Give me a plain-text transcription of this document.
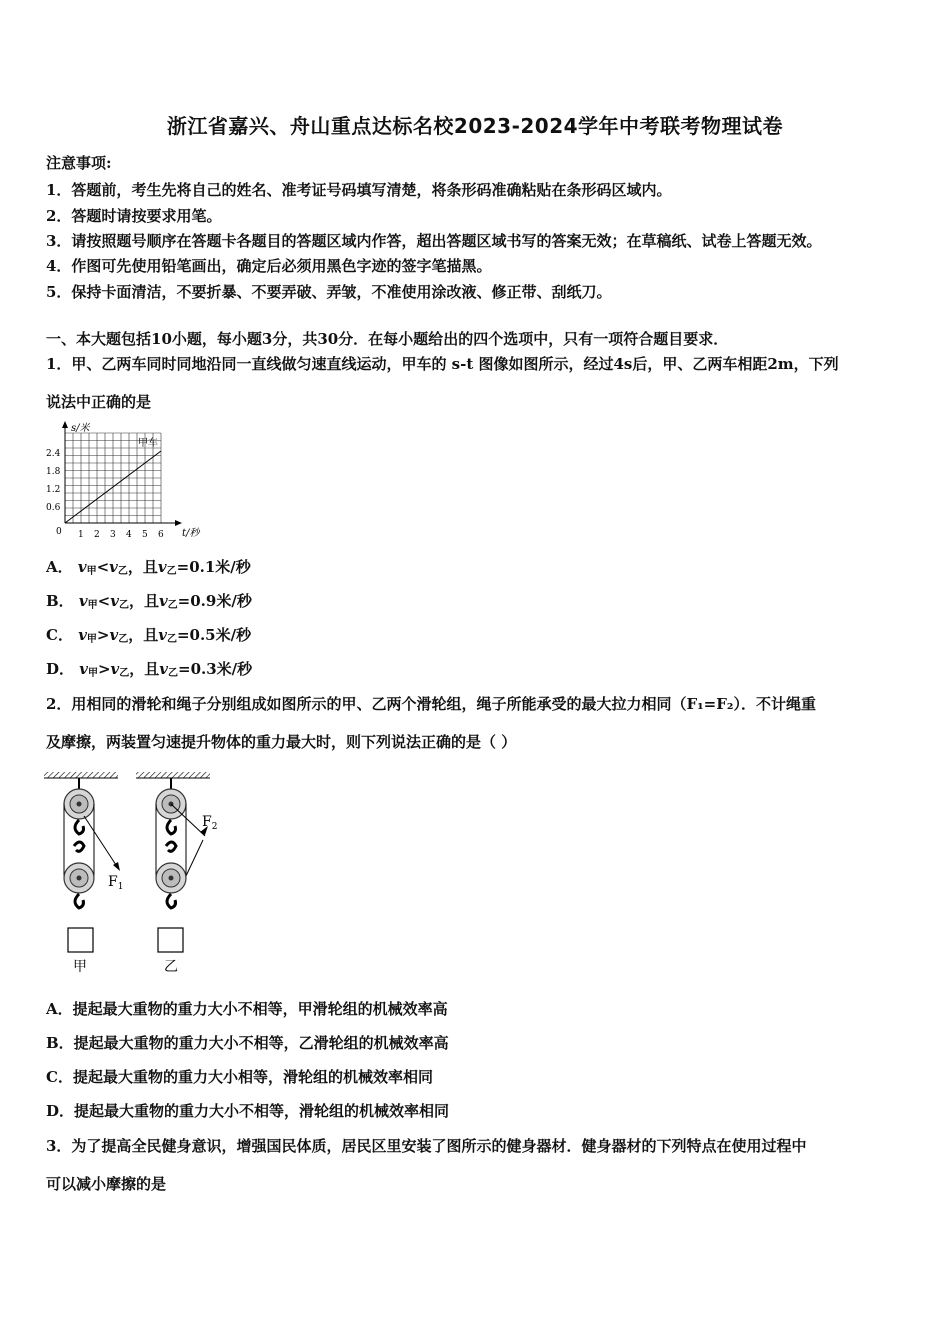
浙江省嘉兴、舟山重点达标名校2023-2024学年中考联考物理试卷
注意事项:
1．答题前，考生先将自己的姓名、准考证号码填写清楚，将条形码准确粘贴在条形码区域内。
2．答题时请按要求用笔。
3．请按照题号顺序在答题卡各题目的答题区域内作答，超出答题区域书写的答案无效；在草稿纸、试卷上答题无效。
4．作图可先使用铅笔画出，确定后必须用黑色字迹的签字笔描黑。
5．保持卡面清洁，不要折暴、不要弄破、弄皱，不准使用涂改液、修正带、刮纸刀。
一、本大题包括10小题，每小题3分，共30分．在每小题给出的四个选项中，只有一项符合题目要求．
1．甲、乙两车同时同地沿同一直线做匀速直线运动，甲车的 s-t 图像如图所示，经过4s后，甲、乙两车相距2m，下列
说法中正确的是
s/米
甲车
2.4
1.8
1.2
0.6
0 1 2 3 4 5 6 t/秒
A． $v_甲<v_乙$，且$v_乙=0.1$米/秒
B． $v_甲<v_乙$，且$v_乙=0.9$米/秒
C． $v_甲>v_乙$，且$v_乙=0.5$米/秒
D． $v_甲>v_乙$，且$v_乙=0.3$米/秒
2．用相同的滑轮和绳子分别组成如图所示的甲、乙两个滑轮组，绳子所能承受的最大拉力相同（F₁=F₂）．不计绳重
及摩擦，两装置匀速提升物体的重力最大时，则下列说法正确的是（ ）
$F_1$
甲
$F_2$
乙
A．提起最大重物的重力大小不相等，甲滑轮组的机械效率高
B．提起最大重物的重力大小不相等，乙滑轮组的机械效率高
C．提起最大重物的重力大小相等，滑轮组的机械效率相同
D．提起最大重物的重力大小不相等，滑轮组的机械效率相同
3．为了提高全民健身意识，增强国民体质，居民区里安装了图所示的健身器材．健身器材的下列特点在使用过程中
可以减小摩擦的是
